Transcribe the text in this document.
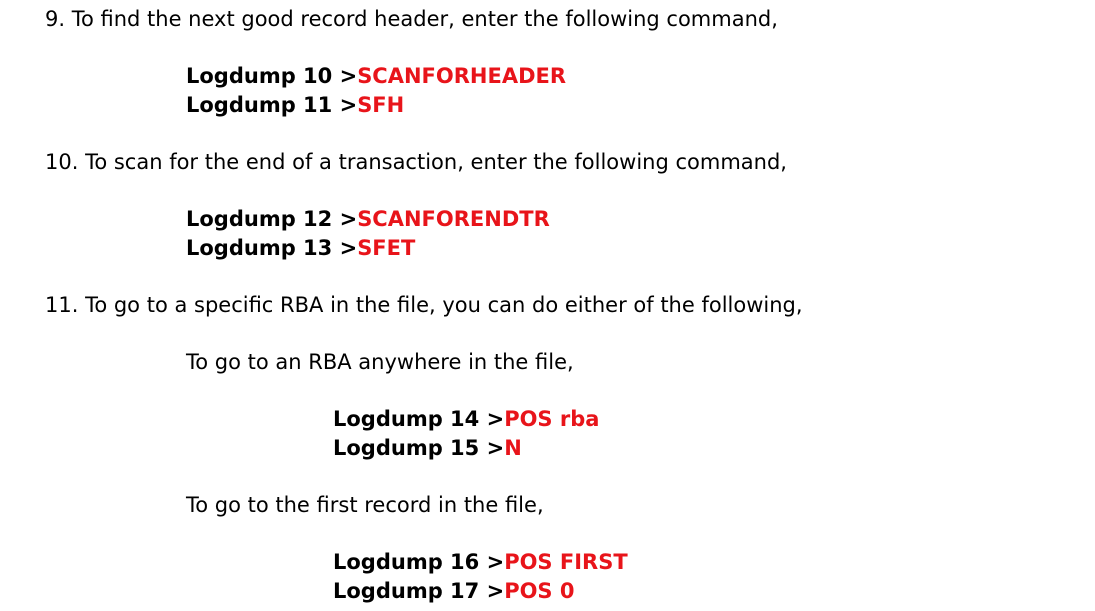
9. To find the next good record header, enter the following command,
Logdump 10 >SCANFORHEADER
Logdump 11 >SFH
10. To scan for the end of a transaction, enter the following command,
Logdump 12 >SCANFORENDTR
Logdump 13 >SFET
11. To go to a specific RBA in the file, you can do either of the following,
To go to an RBA anywhere in the file,
Logdump 14 >POS rba
Logdump 15 >N
To go to the first record in the file,
Logdump 16 >POS FIRST
Logdump 17 >POS 0
